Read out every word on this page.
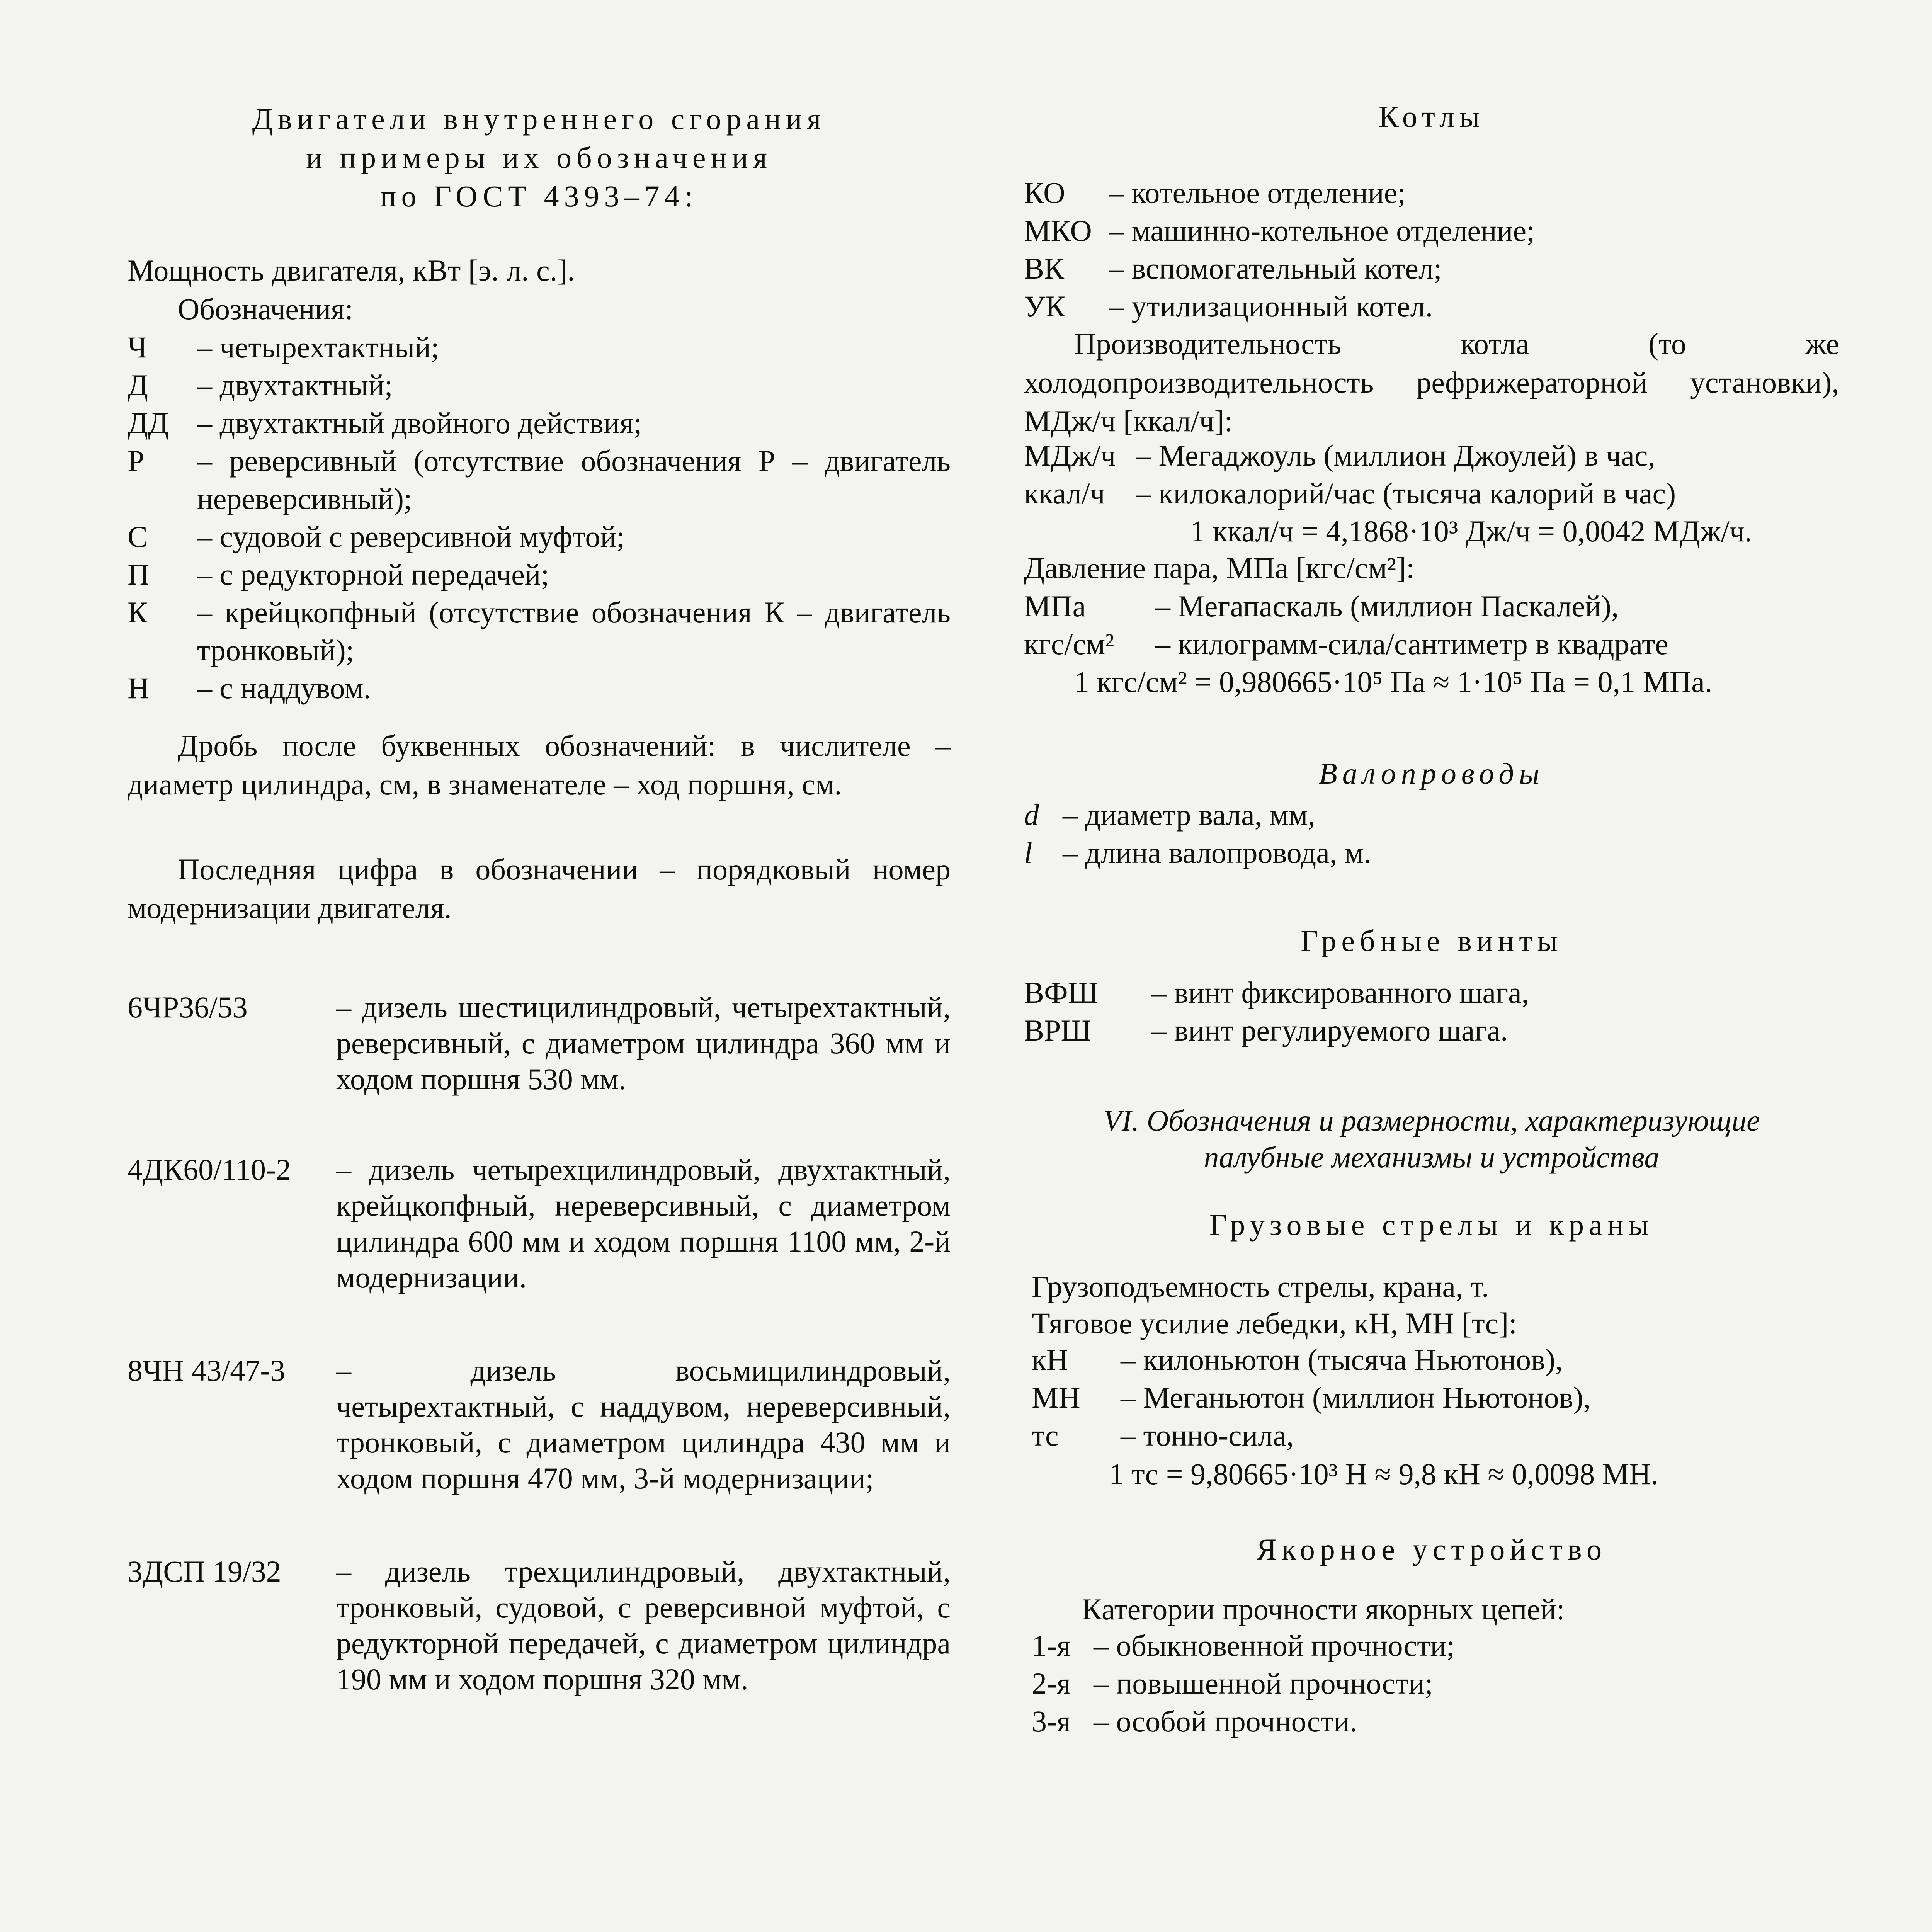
Двигатели внутреннего сгорания
и примеры их обозначения
по ГОСТ 4393–74:
Мощность двигателя, кВт [э. л. с.].
Обозначения:
Ч	– четырехтактный;
Д	– двухтактный;
ДД – двухтактный двойного действия;
Р	– реверсивный (отсутствие обозначения Р – двигатель нереверсивный);
С	– судовой с реверсивной муфтой;
П	– с редукторной передачей;
К	– крейцкопфный (отсутствие обозначения К – двигатель тронковый);
Н	– с наддувом.
Дробь после буквенных обозначений: в числителе – диаметр цилиндра, см, в знаменателе – ход поршня, см.
Последняя цифра в обозначении – порядковый номер модернизации двигателя.
6ЧР36/53	– дизель шестицилиндровый, четырехтактный, реверсивный, с диаметром цилиндра 360 мм и ходом поршня 530 мм.
4ДК60/110-2	– дизель четырехцилиндровый, двухтактный, крейцкопфный, нереверсивный, с диаметром цилиндра 600 мм и ходом поршня 1100 мм, 2-й модернизации.
8ЧН 43/47-3	– дизель восьмицилиндровый, четырехтактный, с наддувом, нереверсивный, тронковый, с диаметром цилиндра 430 мм и ходом поршня 470 мм, 3-й модернизации;
3ДСП 19/32	– дизель трехцилиндровый, двухтактный, тронковый, судовой, с реверсивной муфтой, с редукторной передачей, с диаметром цилиндра 190 мм и ходом поршня 320 мм.
Котлы
КО	– котельное отделение;
МКО – машинно-котельное отделение;
ВК	– вспомогательный котел;
УК	– утилизационный котел.
Производительность котла (то же холодопроизводительность рефрижераторной установки), МДж/ч [ккал/ч]:
МДж/ч – Мегаджоуль (миллион Джоулей) в час,
ккал/ч	– килокалорий/час (тысяча калорий в час)
1 ккал/ч = 4,1868·10³ Дж/ч = 0,0042 МДж/ч.
Давление пара, МПа [кгс/см²]:
МПа	– Мегапаскаль (миллион Паскалей),
кгс/см²	– килограмм-сила/сантиметр в квадрате
1 кгс/см² = 0,980665·10⁵ Па ≈ 1·10⁵ Па = 0,1 МПа.
Валопроводы
d – диаметр вала, мм,
l	– длина валопровода, м.
Гребные винты
ВФШ	– винт фиксированного шага,
ВРШ	– винт регулируемого шага.
VI. Обозначения и размерности, характеризующие
палубные механизмы и устройства
Грузовые стрелы и краны
Грузоподъемность стрелы, крана, т.
Тяговое усилие лебедки, кН, МН [тс]:
кН	– килоньютон (тысяча Ньютонов),
МН	– Меганьютон (миллион Ньютонов),
тс	– тонно-сила,
1 тс = 9,80665·10³ Н ≈ 9,8 кН ≈ 0,0098 МН.
Якорное устройство
Категории прочности якорных цепей:
1-я – обыкновенной прочности;
2-я – повышенной прочности;
3-я – особой прочности.
